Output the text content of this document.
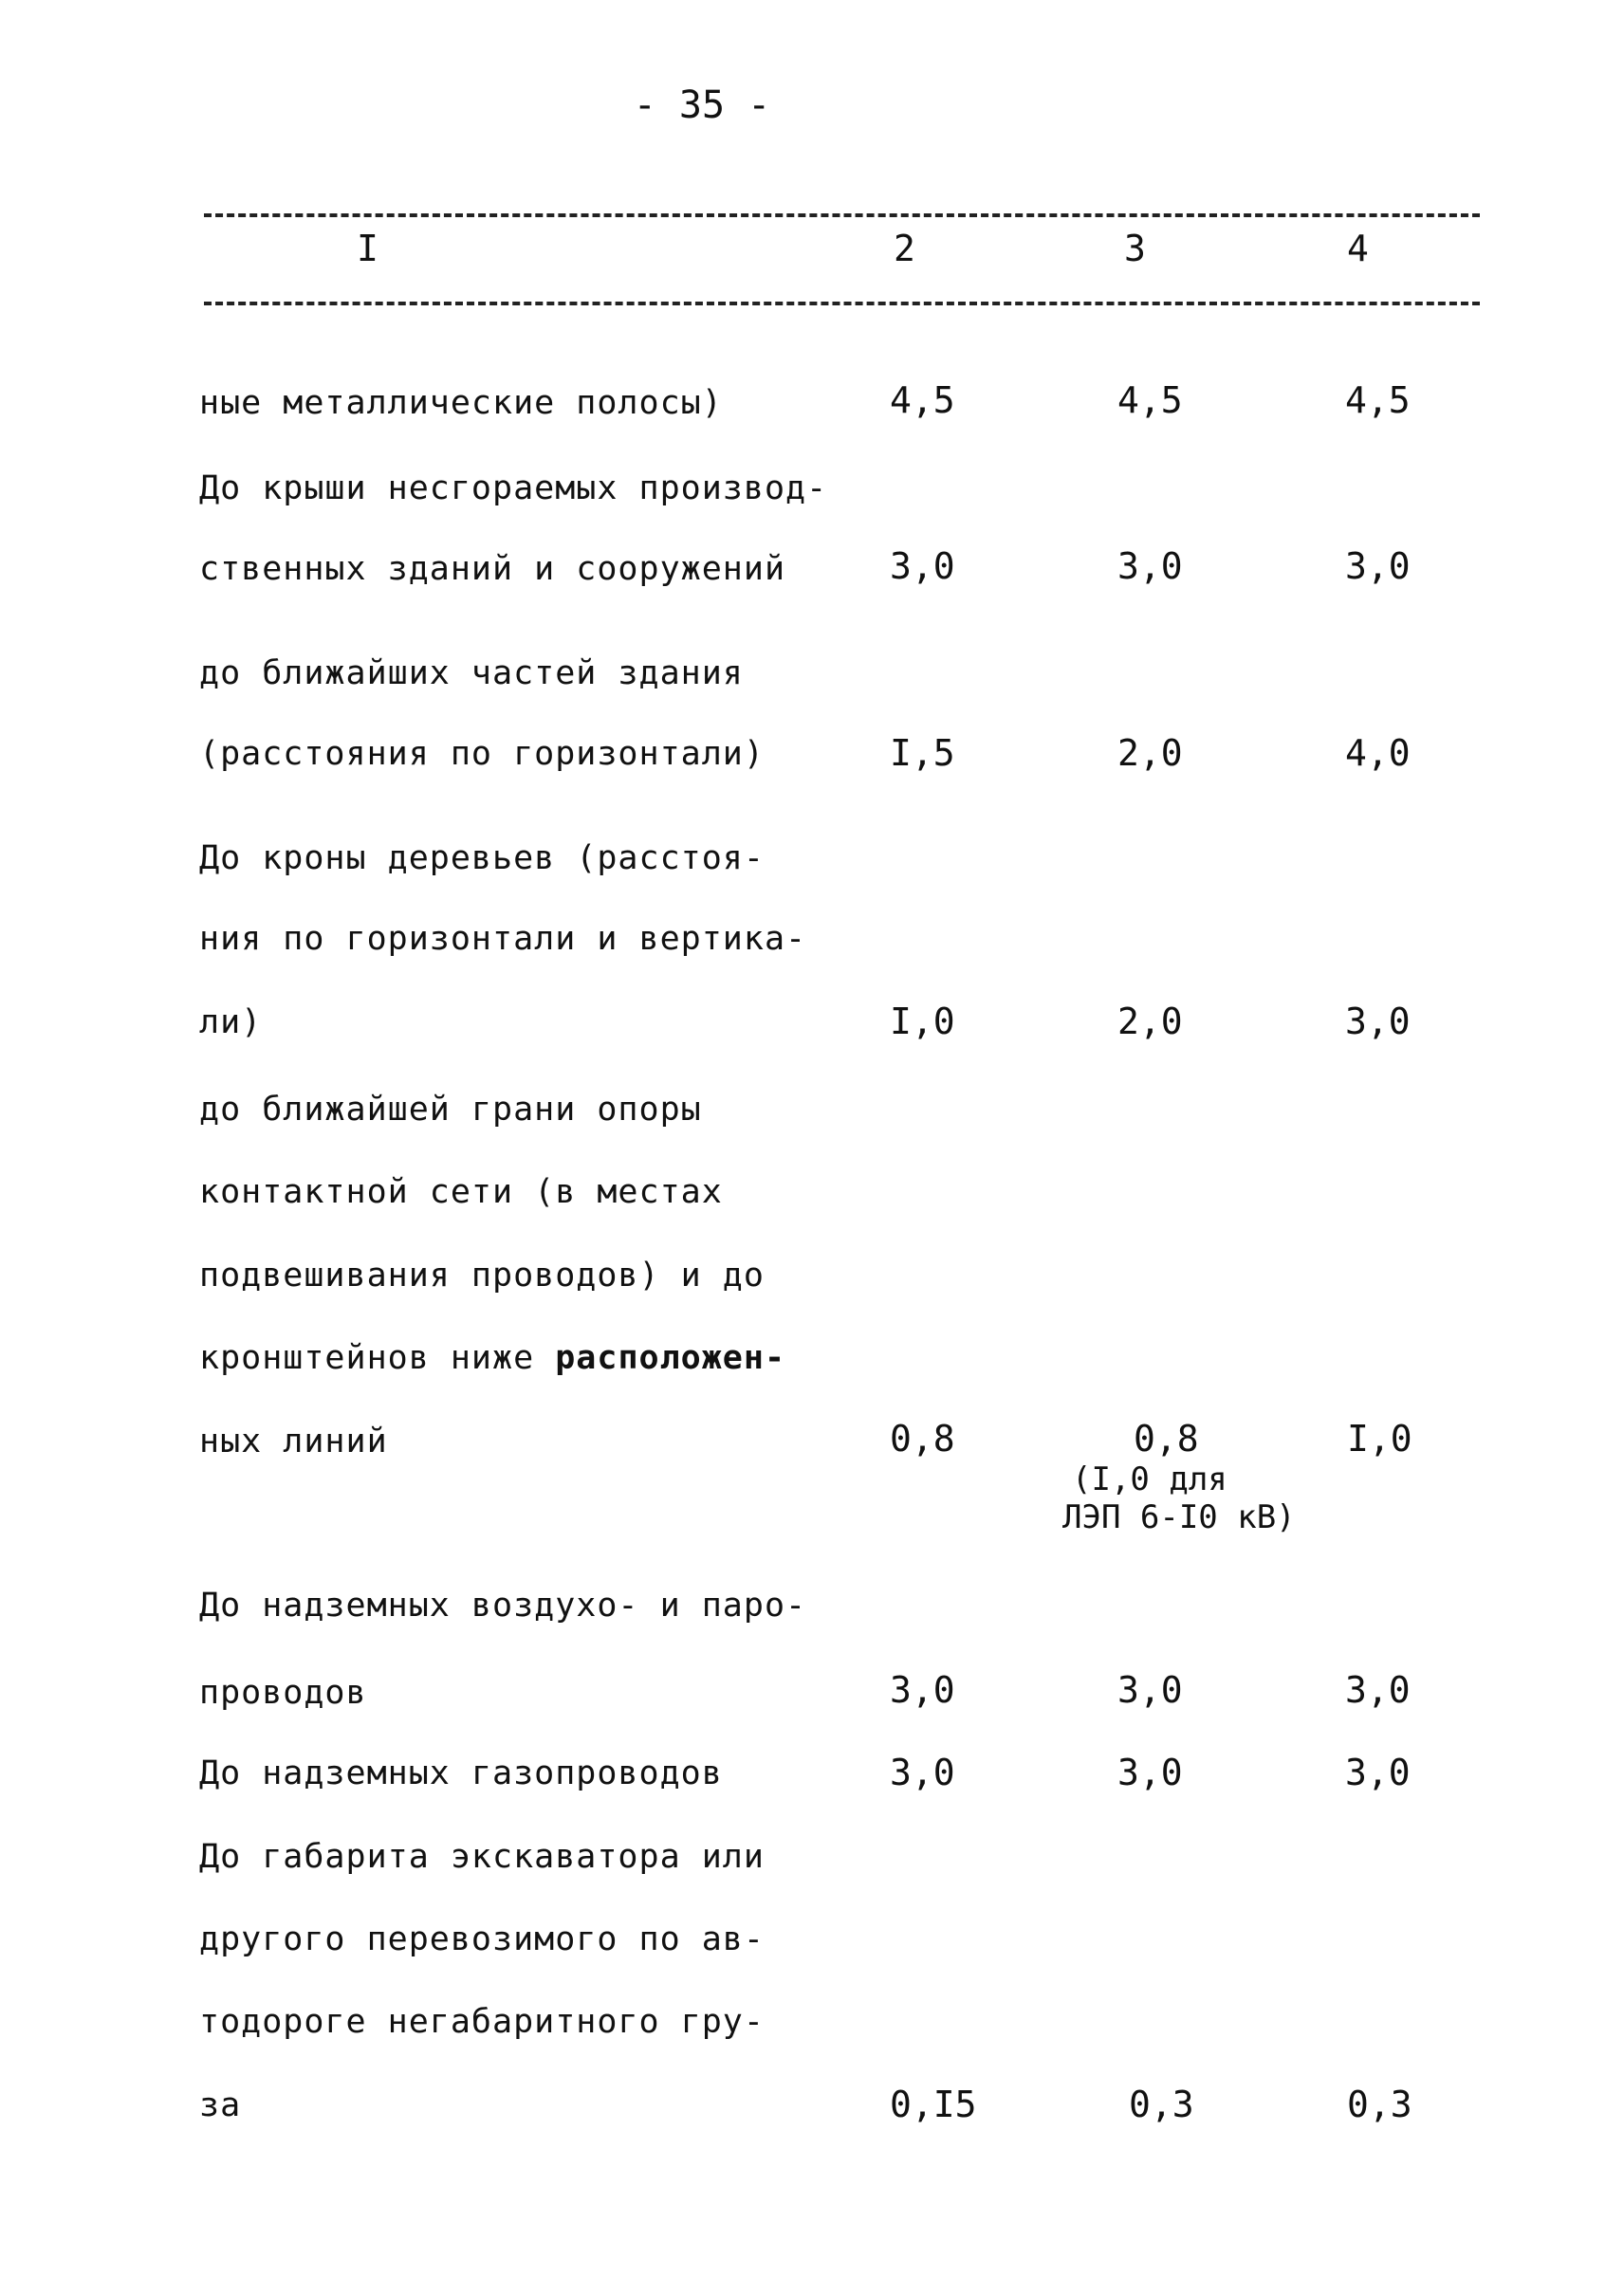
- 35 -
I	2	3	4
ные металлические полосы)	4,5	4,5	4,5
До крыши несгораемых производ-
ственных зданий и сооружений	3,0	3,0	3,0
до ближайших частей здания
(расстояния по горизонтали)	I,5	2,0	4,0
До кроны деревьев (расстоя-
ния по горизонтали и вертика-
ли)	I,0	2,0	3,0
до ближайшей грани опоры
контактной сети (в местах
подвешивания проводов) и до
кронштейнов ниже расположен-
ных линий	0,8	0,8	I,0
(I,0 для
ЛЭП 6-I0 кВ)
До надземных воздухо- и паро-
проводов	3,0	3,0	3,0
До надземных газопроводов	3,0	3,0	3,0
До габарита экскаватора или
другого перевозимого по ав-
тодороге негабаритного гру-
за	0,I5	0,3	0,3
